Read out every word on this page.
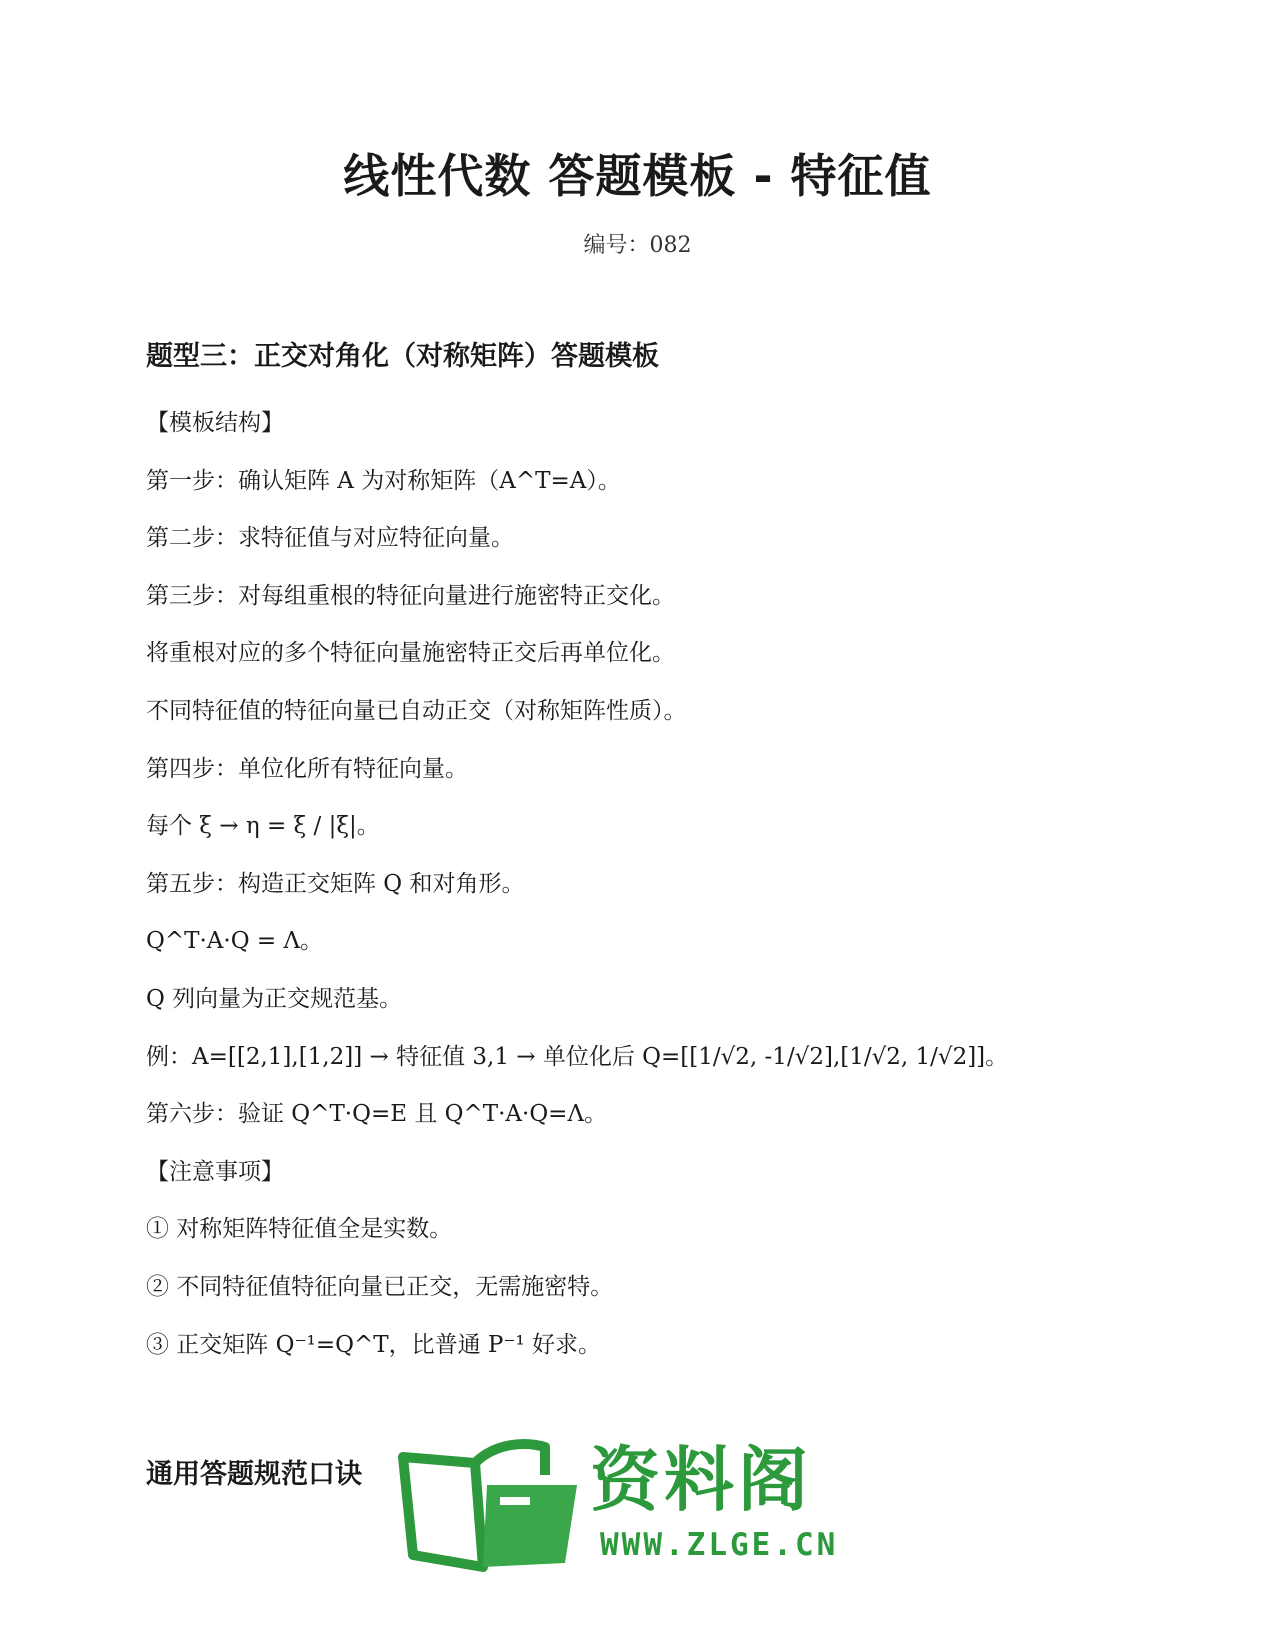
线性代数 答题模板 - 特征值
编号：082
题型三：正交对角化（对称矩阵）答题模板
【模板结构】
第一步：确认矩阵 A 为对称矩阵（A^T=A）。
第二步：求特征值与对应特征向量。
第三步：对每组重根的特征向量进行施密特正交化。
将重根对应的多个特征向量施密特正交后再单位化。
不同特征值的特征向量已自动正交（对称矩阵性质）。
第四步：单位化所有特征向量。
每个 ξ → η = ξ / |ξ|。
第五步：构造正交矩阵 Q 和对角形。
Q^T·A·Q = Λ。
Q 列向量为正交规范基。
例：A=[[2,1],[1,2]] → 特征值 3,1 → 单位化后 Q=[[1/√2, -1/√2],[1/√2, 1/√2]]。
第六步：验证 Q^T·Q=E 且 Q^T·A·Q=Λ。
【注意事项】
① 对称矩阵特征值全是实数。
② 不同特征值特征向量已正交，无需施密特。
③ 正交矩阵 Q⁻¹=Q^T，比普通 P⁻¹ 好求。
通用答题规范口诀	资料阁
WWW.ZLGE.CN
